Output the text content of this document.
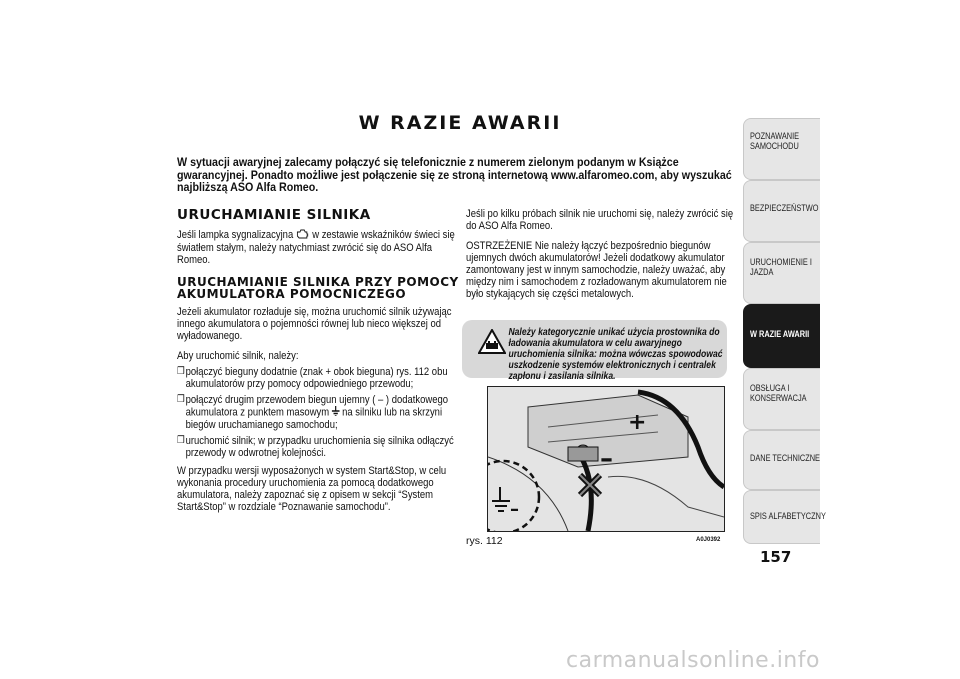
W RAZIE AWARII
W sytuacji awaryjnej zalecamy połączyć się telefonicznie z numerem zielonym podanym w Książce gwarancyjnej. Ponadto możliwe jest połączenie się ze stroną internetową www.alfaromeo.com, aby wyszukać najbliższą ASO Alfa Romeo.
URUCHAMIANIE SILNIKA

Jeśli lampka sygnalizacyjna w zestawie wskaźników świeci się światłem stałym, należy natychmiast zwrócić się do ASO Alfa Romeo.

URUCHAMIANIE SILNIKA PRZY POMOCY AKUMULATORA POMOCNICZEGO

Jeżeli akumulator rozładuje się, można uruchomić silnik używając innego akumulatora o pojemności równej lub nieco większej od wyładowanego.

Aby uruchomić silnik, należy:

❒ połączyć bieguny dodatnie (znak + obok bieguna) rys. 112 obu akumulatorów przy pomocy odpowiedniego przewodu;
❒ połączyć drugim przewodem biegun ujemny ( – ) dodatkowego akumulatora z punktem masowym na silniku lub na skrzyni biegów uruchamianego samochodu;
❒ uruchomić silnik; w przypadku uruchomienia się silnika odłączyć przewody w odwrotnej kolejności.

W przypadku wersji wyposażonych w system Start&Stop, w celu wykonania procedury uruchomienia za pomocą dodatkowego akumulatora, należy zapoznać się z opisem w sekcji “System Start&Stop” w rozdziale “Poznawanie samochodu”.

Jeśli po kilku próbach silnik nie uruchomi się, należy zwrócić się do ASO Alfa Romeo.

OSTRZEŻENIE Nie należy łączyć bezpośrednio biegunów ujemnych dwóch akumulatorów! Jeżeli dodatkowy akumulator zamontowany jest w innym samochodzie, należy uważać, aby między nim i samochodem z rozładowanym akumulatorem nie było stykających się części metalowych.

Należy kategorycznie unikać użycia prostownika do ładowania akumulatora w celu awaryjnego uruchomienia silnika: można wówczas spowodować uszkodzenie systemów elektronicznych i centralek zapłonu i zasilania silnika.
+
–
–
rys. 112	A0J0392
POZNAWANIE
SAMOCHODU
BEZPIECZEŃSTWO
URUCHOMIENIE I
JAZDA
W RAZIE AWARII
OBSŁUGA I
KONSERWACJA
DANE TECHNICZNE
SPIS ALFABETYCZNY
157
carmanualsonline.info
